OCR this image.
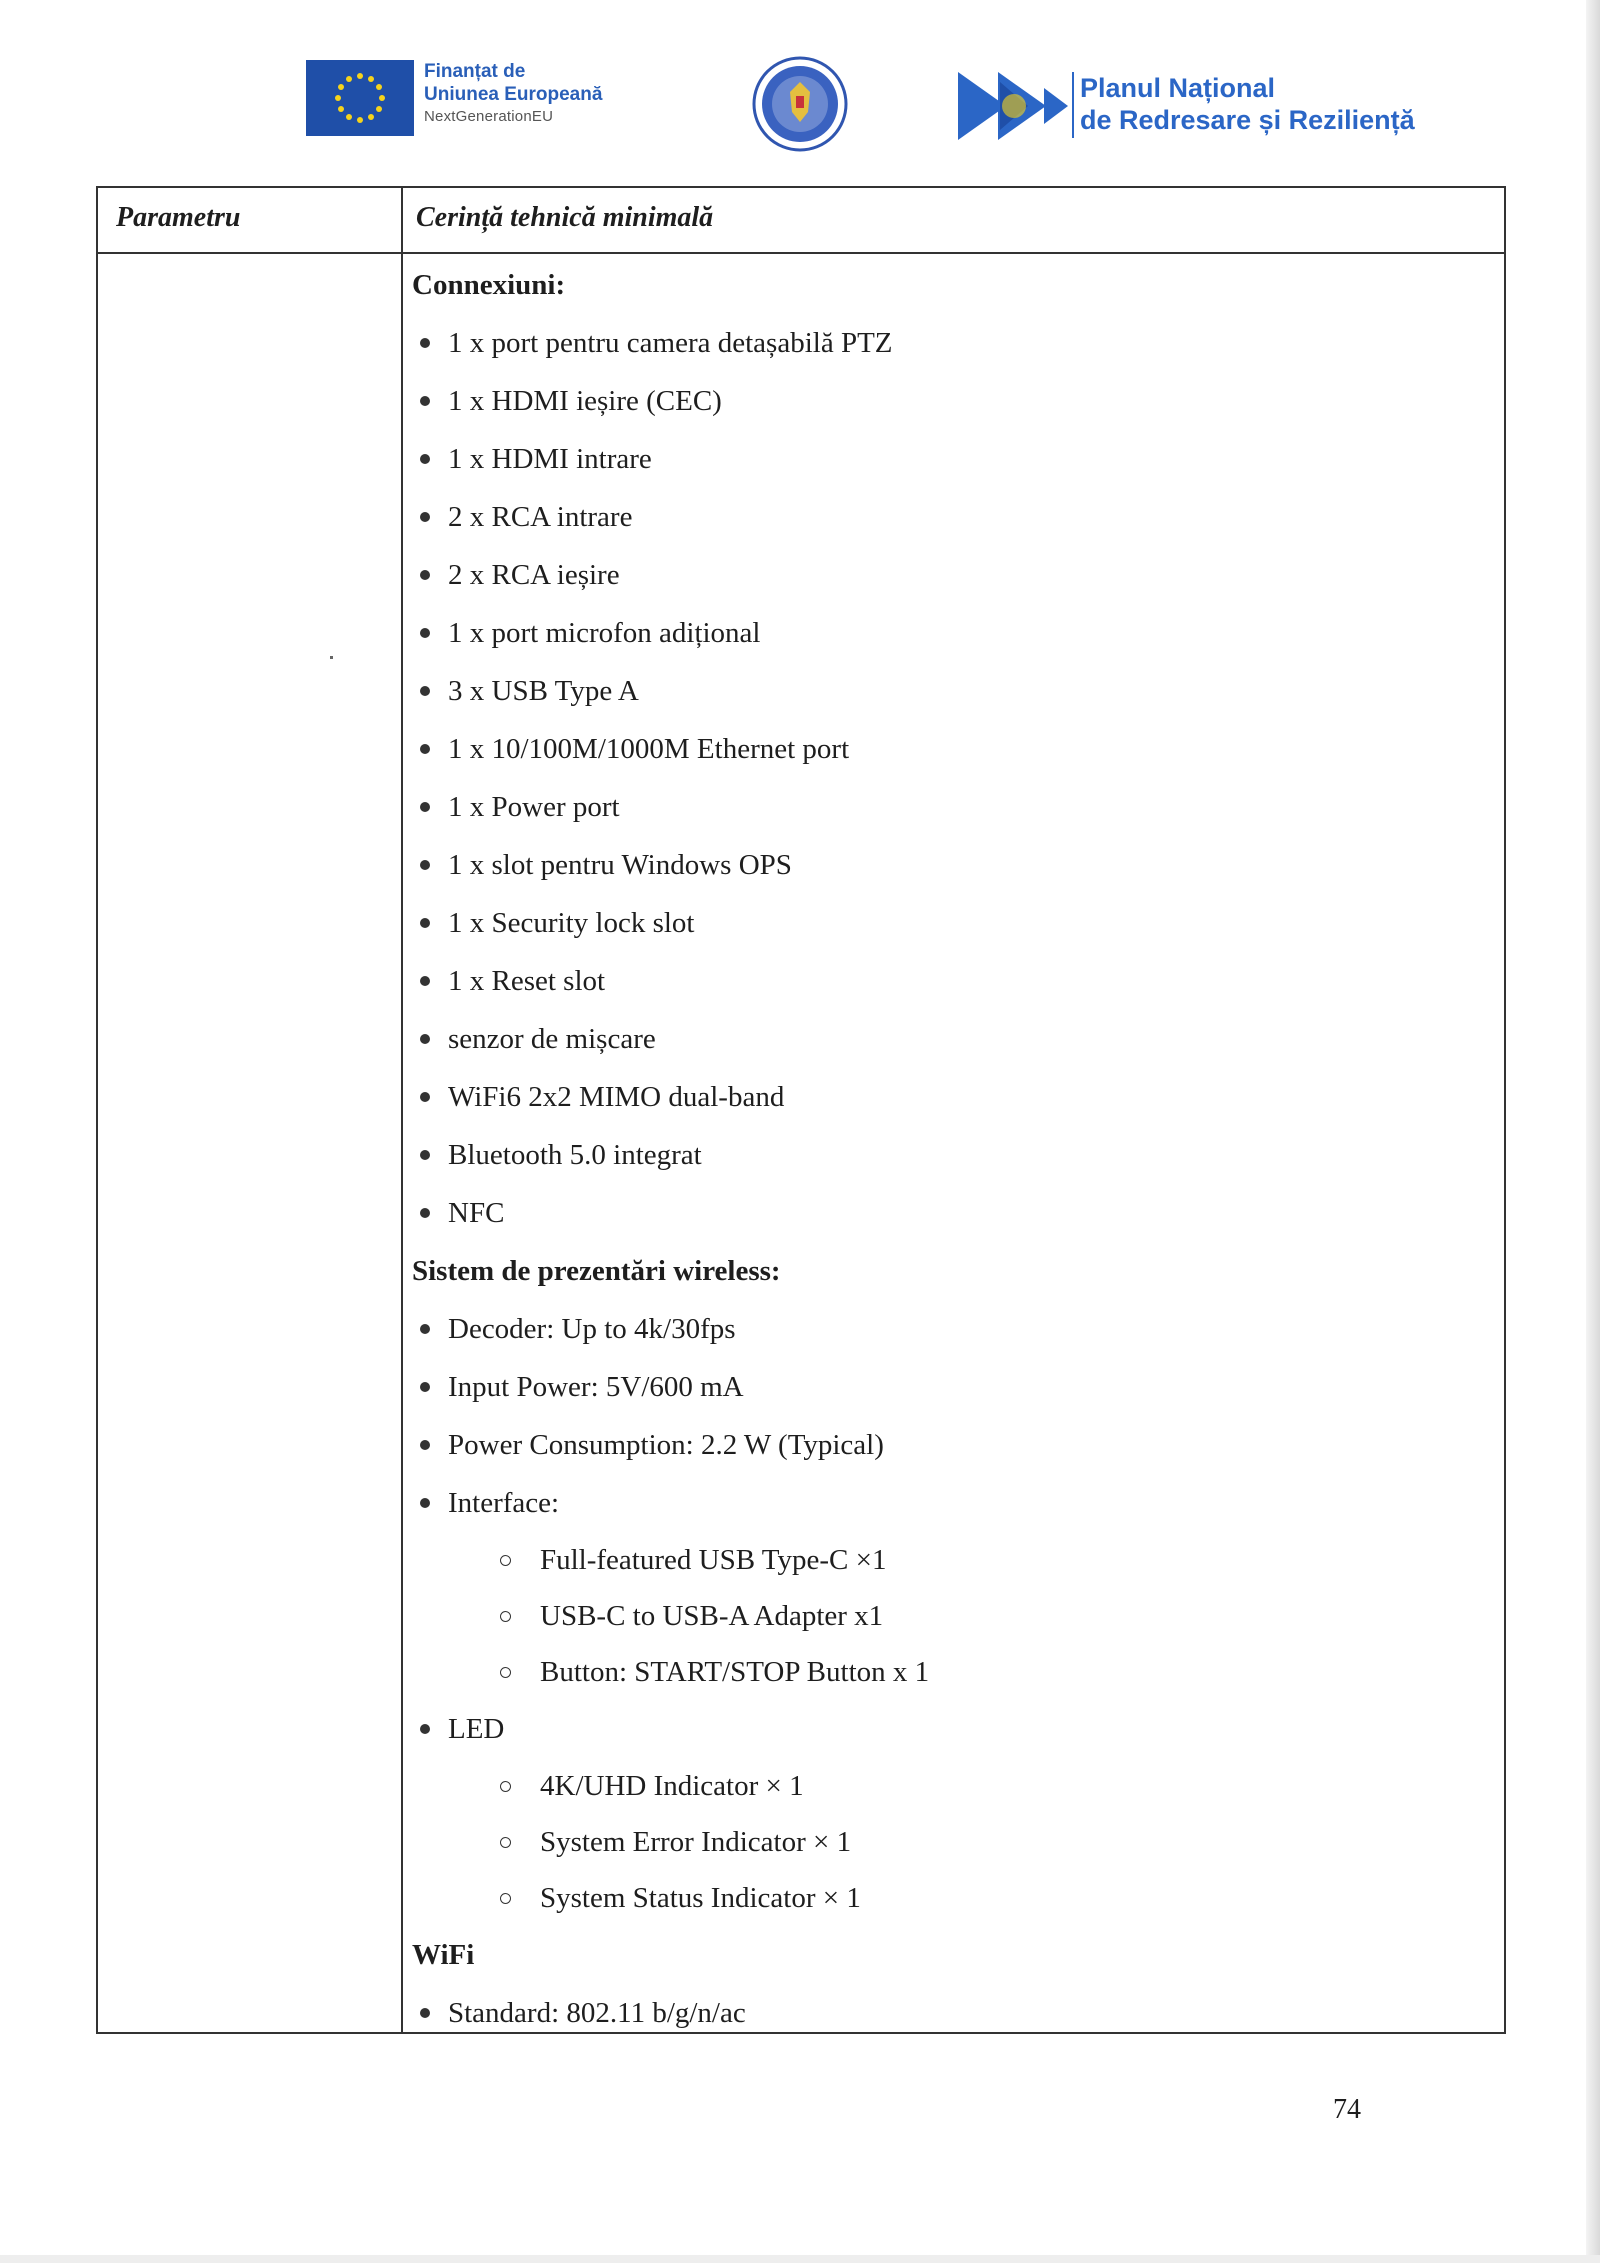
Finanțat de
Uniunea Europeană
NextGenerationEU
Planul Național
de Redresare și Reziliență
Parametru	Cerință tehnică minimală
Connexiuni:
1 x port pentru camera detașabilă PTZ
1 x HDMI ieșire (CEC)
1 x HDMI intrare
2 x RCA intrare
2 x RCA ieșire
1 x port microfon adițional
3 x USB Type A
1 x 10/100M/1000M Ethernet port
1 x Power port
1 x slot pentru Windows OPS
1 x Security lock slot
1 x Reset slot
senzor de mișcare
WiFi6 2x2 MIMO dual-band
Bluetooth 5.0 integrat
NFC
Sistem de prezentări wireless:
Decoder: Up to 4k/30fps
Input Power: 5V/600 mA
Power Consumption: 2.2 W (Typical)
Interface:
Full-featured USB Type-C ×1
USB-C to USB-A Adapter x1
Button: START/STOP Button x 1
LED
4K/UHD Indicator × 1
System Error Indicator × 1
System Status Indicator × 1
WiFi
Standard: 802.11 b/g/n/ac
74
